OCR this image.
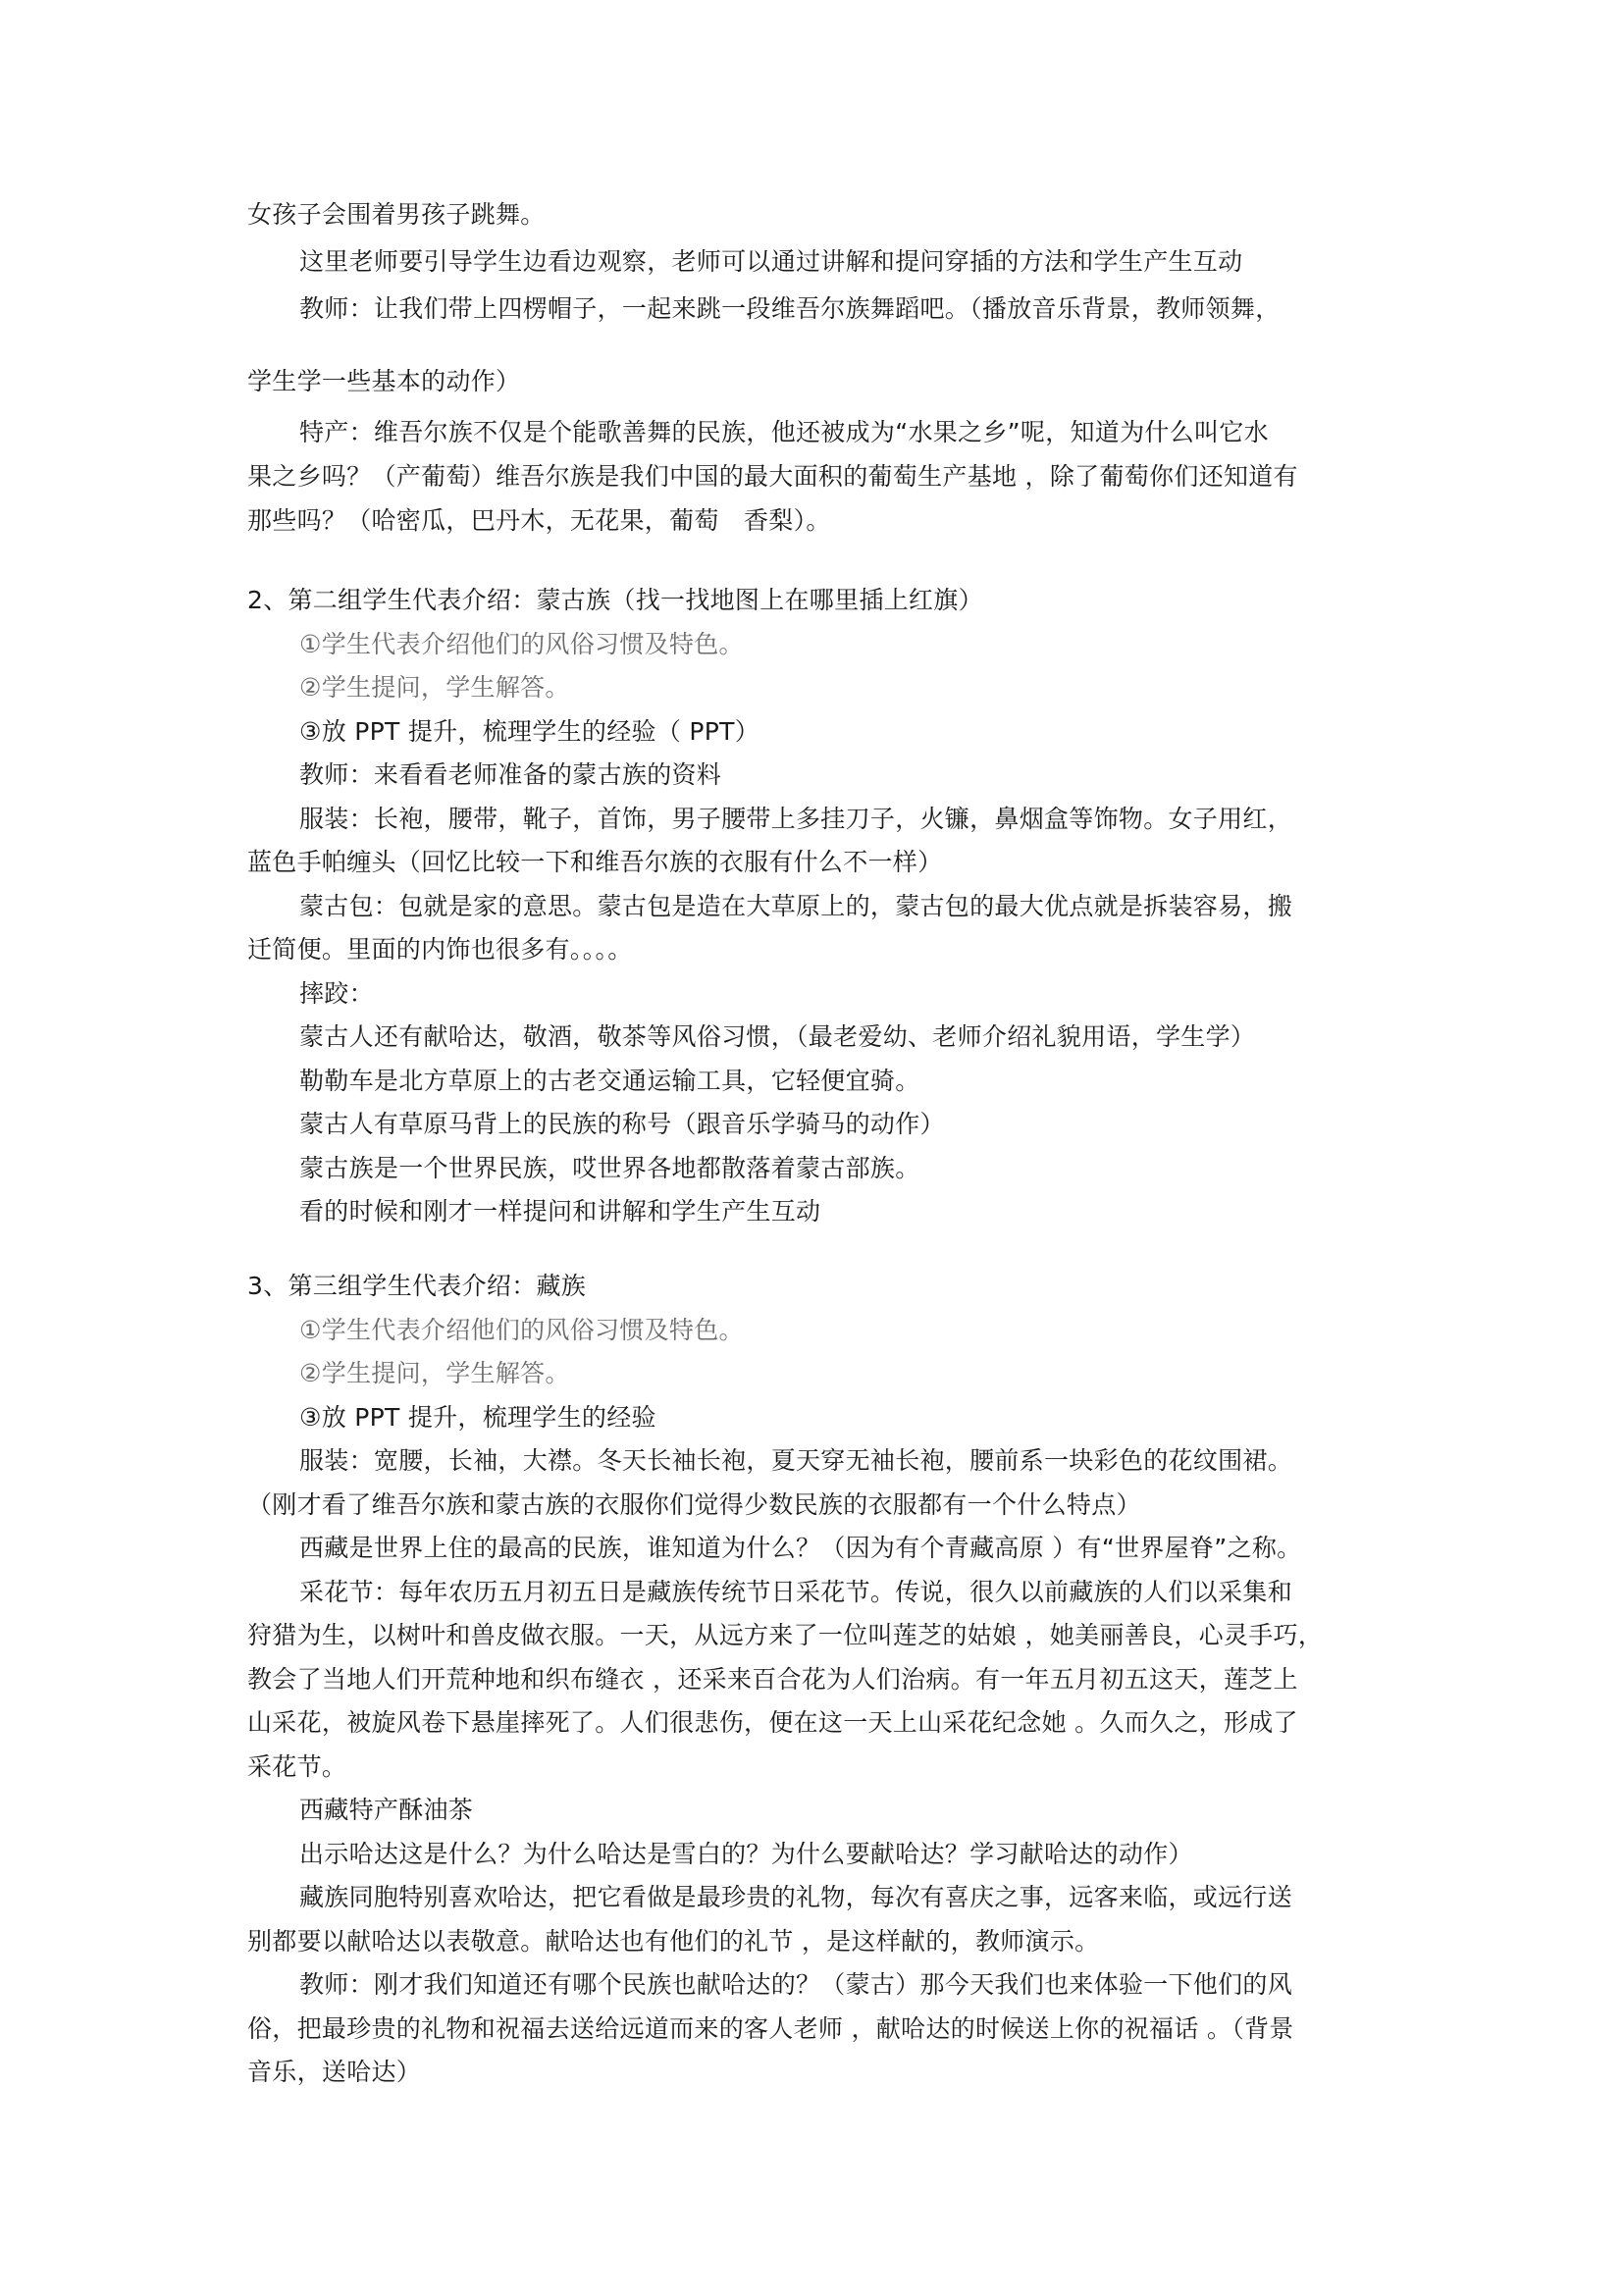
女孩子会围着男孩子跳舞。
这里老师要引导学生边看边观察，老师可以通过讲解和提问穿插的方法和学生产生互动
教师：让我们带上四楞帽子，一起来跳一段维吾尔族舞蹈吧。（播放音乐背景，教师领舞，
学生学一些基本的动作）
特产：维吾尔族不仅是个能歌善舞的民族，他还被成为“水果之乡”呢，知道为什么叫它水
果之乡吗？（产葡萄）维吾尔族是我们中国的最大面积的葡萄生产基地 ，除了葡萄你们还知道有
那些吗？（哈密瓜，巴丹木，无花果，葡萄　香梨）。
2、第二组学生代表介绍：蒙古族（找一找地图上在哪里插上红旗）
①学生代表介绍他们的风俗习惯及特色。
②学生提问，学生解答。
③放 PPT 提升，梳理学生的经验（ PPT）
教师：来看看老师准备的蒙古族的资料
服装：长袍，腰带，靴子，首饰，男子腰带上多挂刀子，火镰，鼻烟盒等饰物。女子用红，
蓝色手帕缠头（回忆比较一下和维吾尔族的衣服有什么不一样）
蒙古包：包就是家的意思。蒙古包是造在大草原上的，蒙古包的最大优点就是拆装容易，搬
迁简便。里面的内饰也很多有。。。。
摔跤：
蒙古人还有献哈达，敬酒，敬茶等风俗习惯，（最老爱幼、老师介绍礼貌用语，学生学）
勒勒车是北方草原上的古老交通运输工具，它轻便宜骑。
蒙古人有草原马背上的民族的称号（跟音乐学骑马的动作）
蒙古族是一个世界民族，哎世界各地都散落着蒙古部族。
看的时候和刚才一样提问和讲解和学生产生互动
3、第三组学生代表介绍：藏族
①学生代表介绍他们的风俗习惯及特色。
②学生提问，学生解答。
③放 PPT 提升，梳理学生的经验
服装：宽腰，长袖，大襟。冬天长袖长袍，夏天穿无袖长袍，腰前系一块彩色的花纹围裙。
（刚才看了维吾尔族和蒙古族的衣服你们觉得少数民族的衣服都有一个什么特点）
西藏是世界上住的最高的民族，谁知道为什么？（因为有个青藏高原 ）有“世界屋脊”之称。
采花节：每年农历五月初五日是藏族传统节日采花节。传说，很久以前藏族的人们以采集和
狩猎为生，以树叶和兽皮做衣服。一天，从远方来了一位叫莲芝的姑娘 ，她美丽善良，心灵手巧，
教会了当地人们开荒种地和织布缝衣 ，还采来百合花为人们治病。有一年五月初五这天，莲芝上
山采花，被旋风卷下悬崖摔死了。人们很悲伤，便在这一天上山采花纪念她 。久而久之，形成了
采花节。
西藏特产酥油茶
出示哈达这是什么？为什么哈达是雪白的？为什么要献哈达？学习献哈达的动作）
藏族同胞特别喜欢哈达，把它看做是最珍贵的礼物，每次有喜庆之事，远客来临，或远行送
别都要以献哈达以表敬意。献哈达也有他们的礼节 ，是这样献的，教师演示。
教师：刚才我们知道还有哪个民族也献哈达的？（蒙古）那今天我们也来体验一下他们的风
俗，把最珍贵的礼物和祝福去送给远道而来的客人老师 ，献哈达的时候送上你的祝福话 。（背景
音乐，送哈达）
